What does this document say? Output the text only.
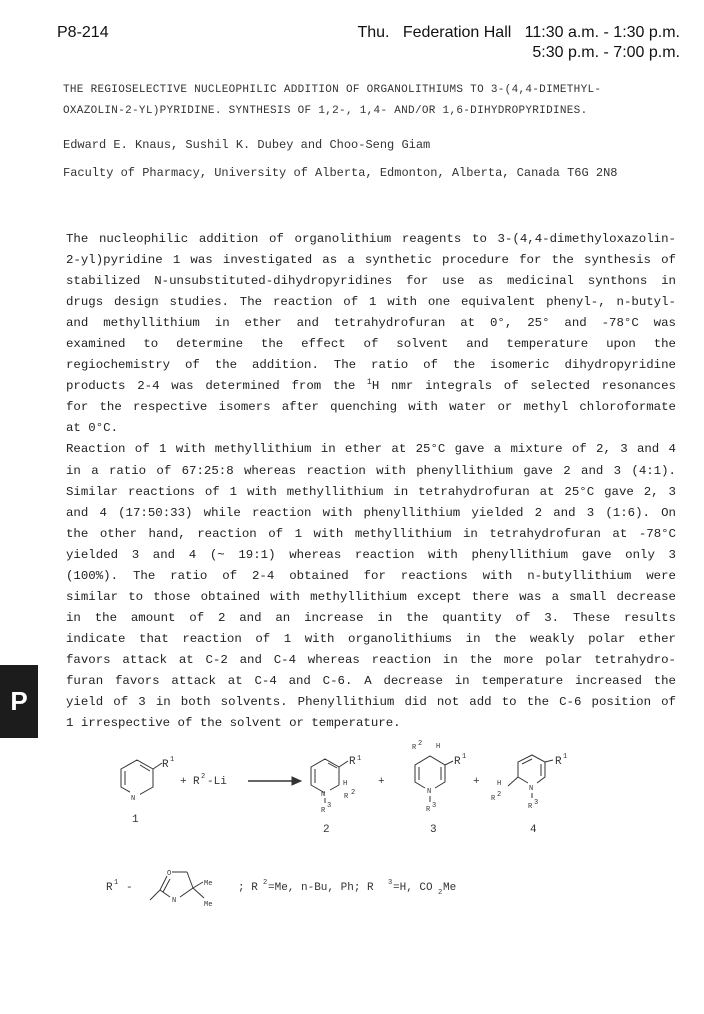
P8-214	Thu. Federation Hall 11:30 a.m. - 1:30 p.m.
5:30 p.m. - 7:00 p.m.
THE REGIOSELECTIVE NUCLEOPHILIC ADDITION OF ORGANOLITHIUMS TO 3-(4,4-DIMETHYL-
OXAZOLIN-2-YL)PYRIDINE. SYNTHESIS OF 1,2-, 1,4- AND/OR 1,6-DIHYDROPYRIDINES.
Edward E. Knaus, Sushil K. Dubey and Choo-Seng Giam
Faculty of Pharmacy, University of Alberta, Edmonton, Alberta, Canada T6G 2N8
The nucleophilic addition of organolithium reagents to 3-(4,4-dimethyloxazolin-
2-yl)pyridine 1 was investigated as a synthetic procedure for the synthesis of
stabilized N-unsubstituted-dihydropyridines for use as medicinal synthons in
drugs design studies. The reaction of 1 with one equivalent phenyl-, n-butyl-
and methyllithium in ether and tetrahydrofuran at 0°, 25° and -78°C was
examined to determine the effect of solvent and temperature upon the
regiochemistry of the addition. The ratio of the isomeric dihydropyridine
products 2-4 was determined from the $^1$H nmr integrals of selected resonances
for the respective isomers after quenching with water or methyl chloroformate
at 0°C.
Reaction of 1 with methyllithium in ether at 25°C gave a mixture of 2, 3 and 4
in a ratio of 67:25:8 whereas reaction with phenyllithium gave 2 and 3 (4:1).
Similar reactions of 1 with methyllithium in tetrahydrofuran at 25°C gave 2, 3
and 4 (17:50:33) while reaction with phenyllithium yielded 2 and 3 (1:6). On
the other hand, reaction of 1 with methyllithium in tetrahydrofuran at -78°C
yielded 3 and 4 (~ 19:1) whereas reaction with phenyllithium gave only 3
(100%). The ratio of 2-4 obtained for reactions with n-butyllithium were
similar to those obtained with methyllithium except there was a small decrease
in the amount of 2 and an increase in the quantity of 3. These results
indicate that reaction of 1 with organolithiums in the weakly polar ether
favors attack at C-2 and C-4 whereas reaction in the more polar tetrahydro-
furan favors attack at C-4 and C-6. A decrease in temperature increased the
yield of 3 in both solvents. Phenyllithium did not add to the C-6 position of
1 irrespective of the solvent or temperature.
P
N
R 1
1
+ R 2 -Li
N
R
3
R 1
H
R 2
2
+
N
R 3
R 2 H
R 1
3
+
N
R 3
H
R 2
R 1
4
R 1 -
O
N
Me
Me
; R 2 =Me, n-Bu, Ph; R 3 =H, CO 2 Me
